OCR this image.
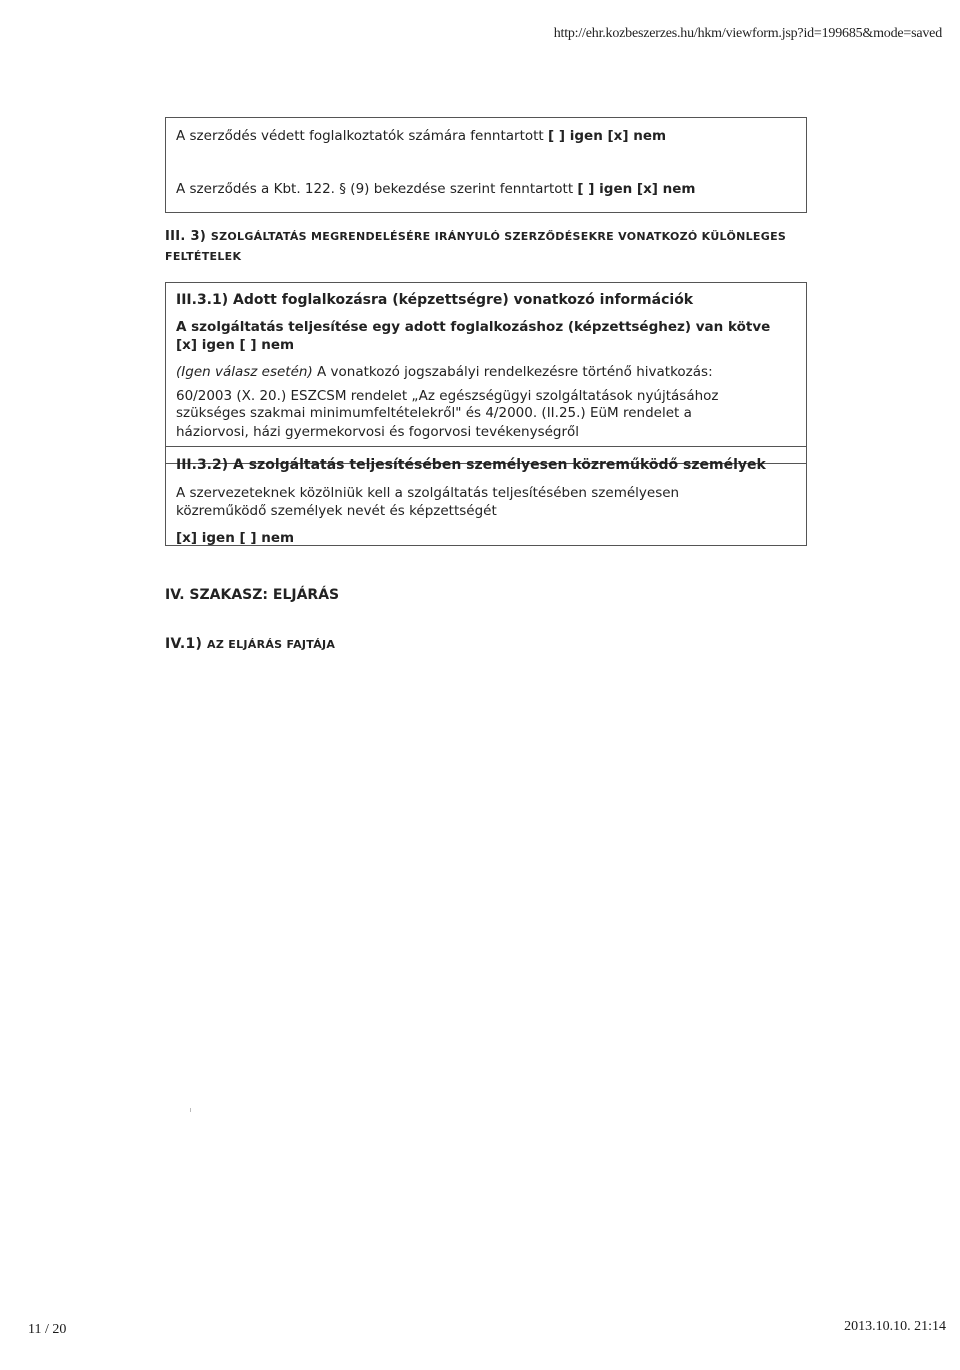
http://ehr.kozbeszerzes.hu/hkm/viewform.jsp?id=199685&mode=saved
A szerződés védett foglalkoztatók számára fenntartott [ ] igen [x] nem
A szerződés a Kbt. 122. § (9) bekezdése szerint fenntartott [ ] igen [x] nem
III. 3) SZOLGÁLTATÁS MEGRENDELÉSÉRE IRÁNYULÓ SZERZŐDÉSEKRE VONATKOZÓ KÜLÖNLEGES
FELTÉTELEK
III.3.1) Adott foglalkozásra (képzettségre) vonatkozó információk
A szolgáltatás teljesítése egy adott foglalkozáshoz (képzettséghez) van kötve
[x] igen [ ] nem
(Igen válasz esetén) A vonatkozó jogszabályi rendelkezésre történő hivatkozás:
60/2003 (X. 20.) ESZCSM rendelet „Az egészségügyi szolgáltatások nyújtásához
szükséges szakmai minimumfeltételekről" és 4/2000. (II.25.) EüM rendelet a
háziorvosi, házi gyermekorvosi és fogorvosi tevékenységről
III.3.2) A szolgáltatás teljesítésében személyesen közreműködő személyek
A szervezeteknek közölniük kell a szolgáltatás teljesítésében személyesen
közreműködő személyek nevét és képzettségét
[x] igen [ ] nem
IV. SZAKASZ: ELJÁRÁS
IV.1) AZ ELJÁRÁS FAJTÁJA
11 / 20	2013.10.10. 21:14
